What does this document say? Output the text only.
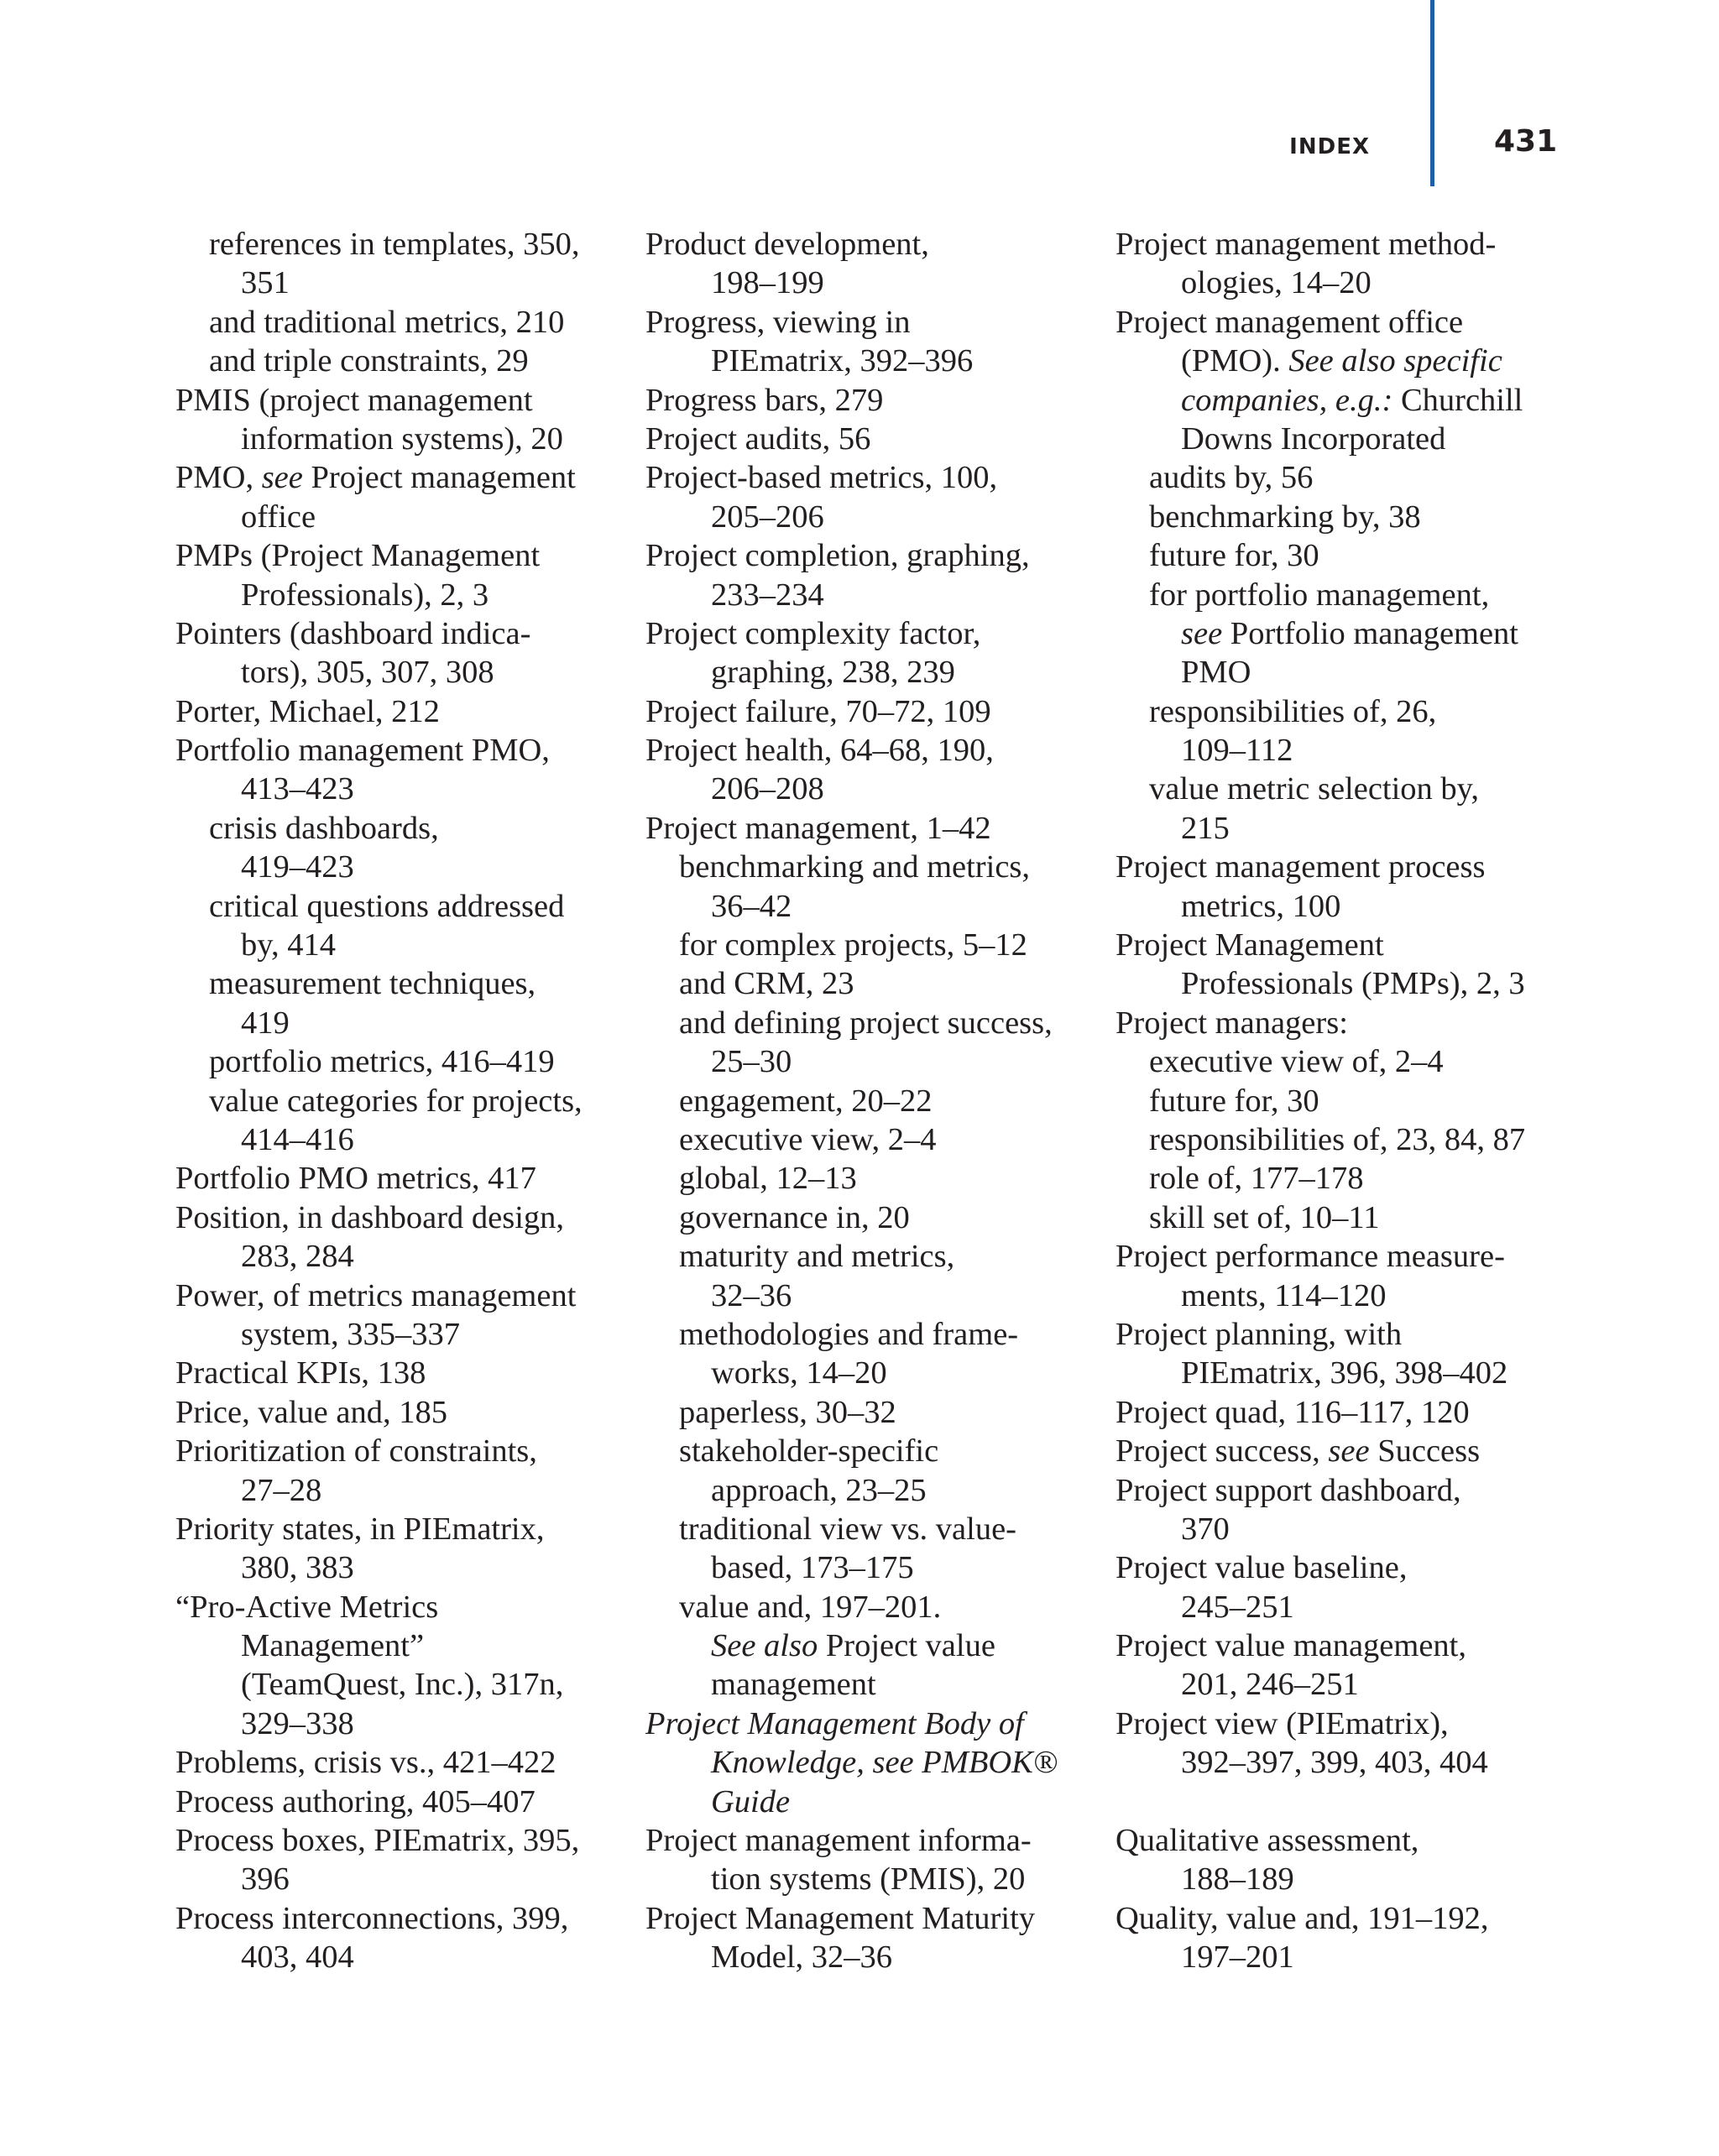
INDEX	431
references in templates, 350,
351
and traditional metrics, 210
and triple constraints, 29
PMIS (project management
information systems), 20
PMO, see Project management
office
PMPs (Project Management
Professionals), 2, 3
Pointers (dashboard indica-
tors), 305, 307, 308
Porter, Michael, 212
Portfolio management PMO,
413–423
crisis dashboards,
419–423
critical questions addressed
by, 414
measurement techniques,
419
portfolio metrics, 416–419
value categories for projects,
414–416
Portfolio PMO metrics, 417
Position, in dashboard design,
283, 284
Power, of metrics management
system, 335–337
Practical KPIs, 138
Price, value and, 185
Prioritization of constraints,
27–28
Priority states, in PIEmatrix,
380, 383
“Pro-Active Metrics
Management”
(TeamQuest, Inc.), 317n,
329–338
Problems, crisis vs., 421–422
Process authoring, 405–407
Process boxes, PIEmatrix, 395,
396
Process interconnections, 399,
403, 404
Product development,
198–199
Progress, viewing in
PIEmatrix, 392–396
Progress bars, 279
Project audits, 56
Project-based metrics, 100,
205–206
Project completion, graphing,
233–234
Project complexity factor,
graphing, 238, 239
Project failure, 70–72, 109
Project health, 64–68, 190,
206–208
Project management, 1–42
benchmarking and metrics,
36–42
for complex projects, 5–12
and CRM, 23
and defining project success,
25–30
engagement, 20–22
executive view, 2–4
global, 12–13
governance in, 20
maturity and metrics,
32–36
methodologies and frame-
works, 14–20
paperless, 30–32
stakeholder-specific
approach, 23–25
traditional view vs. value-
based, 173–175
value and, 197–201.
See also Project value
management
Project Management Body of
Knowledge, see PMBOK®
Guide
Project management informa-
tion systems (PMIS), 20
Project Management Maturity
Model, 32–36
Project management method-
ologies, 14–20
Project management office
(PMO). See also specific
companies, e.g.: Churchill
Downs Incorporated
audits by, 56
benchmarking by, 38
future for, 30
for portfolio management,
see Portfolio management
PMO
responsibilities of, 26,
109–112
value metric selection by,
215
Project management process
metrics, 100
Project Management
Professionals (PMPs), 2, 3
Project managers:
executive view of, 2–4
future for, 30
responsibilities of, 23, 84, 87
role of, 177–178
skill set of, 10–11
Project performance measure-
ments, 114–120
Project planning, with
PIEmatrix, 396, 398–402
Project quad, 116–117, 120
Project success, see Success
Project support dashboard,
370
Project value baseline,
245–251
Project value management,
201, 246–251
Project view (PIEmatrix),
392–397, 399, 403, 404
Qualitative assessment,
188–189
Quality, value and, 191–192,
197–201
